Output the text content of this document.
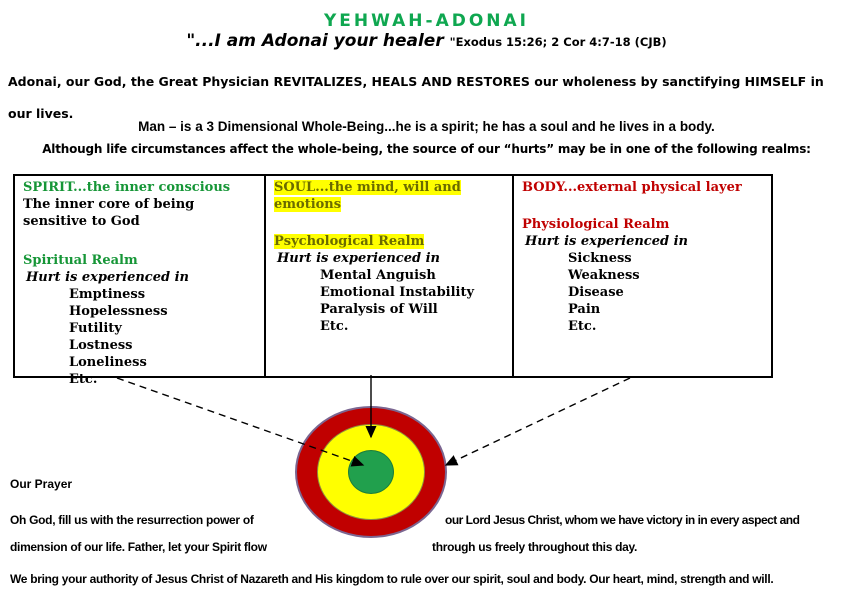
YEHWAH-ADONAI
"...I am Adonai your healer "Exodus 15:26; 2 Cor 4:7-18 (CJB)
Adonai, our God, the Great Physician REVITALIZES, HEALS AND RESTORES our wholeness by sanctifying HIMSELF in our lives.
Man – is a 3 Dimensional Whole-Being...he is a spirit; he has a soul and he lives in a body.
Although life circumstances affect the whole-being, the source of our “hurts” may be in one of the following realms:
SPIRIT...the inner conscious
The inner core of being sensitive to God
Spiritual Realm
Hurt is experienced in
Emptiness
Hopelessness
Futility
Lostness
Loneliness
Etc.
SOUL...the mind, will and emotions
Psychological Realm
Hurt is experienced in
Mental Anguish
Emotional Instability
Paralysis of Will
Etc.
BODY...external physical layer
Physiological Realm
Hurt is experienced in
Sickness
Weakness
Disease
Pain
Etc.
Our Prayer
Oh God, fill us with the resurrection power of	our Lord Jesus Christ, whom we have victory in in every aspect and
dimension of our life. Father, let your Spirit flow	through us freely throughout this day.
We bring your authority of Jesus Christ of Nazareth and His kingdom to rule over our spirit, soul and body. Our heart, mind, strength and will.
